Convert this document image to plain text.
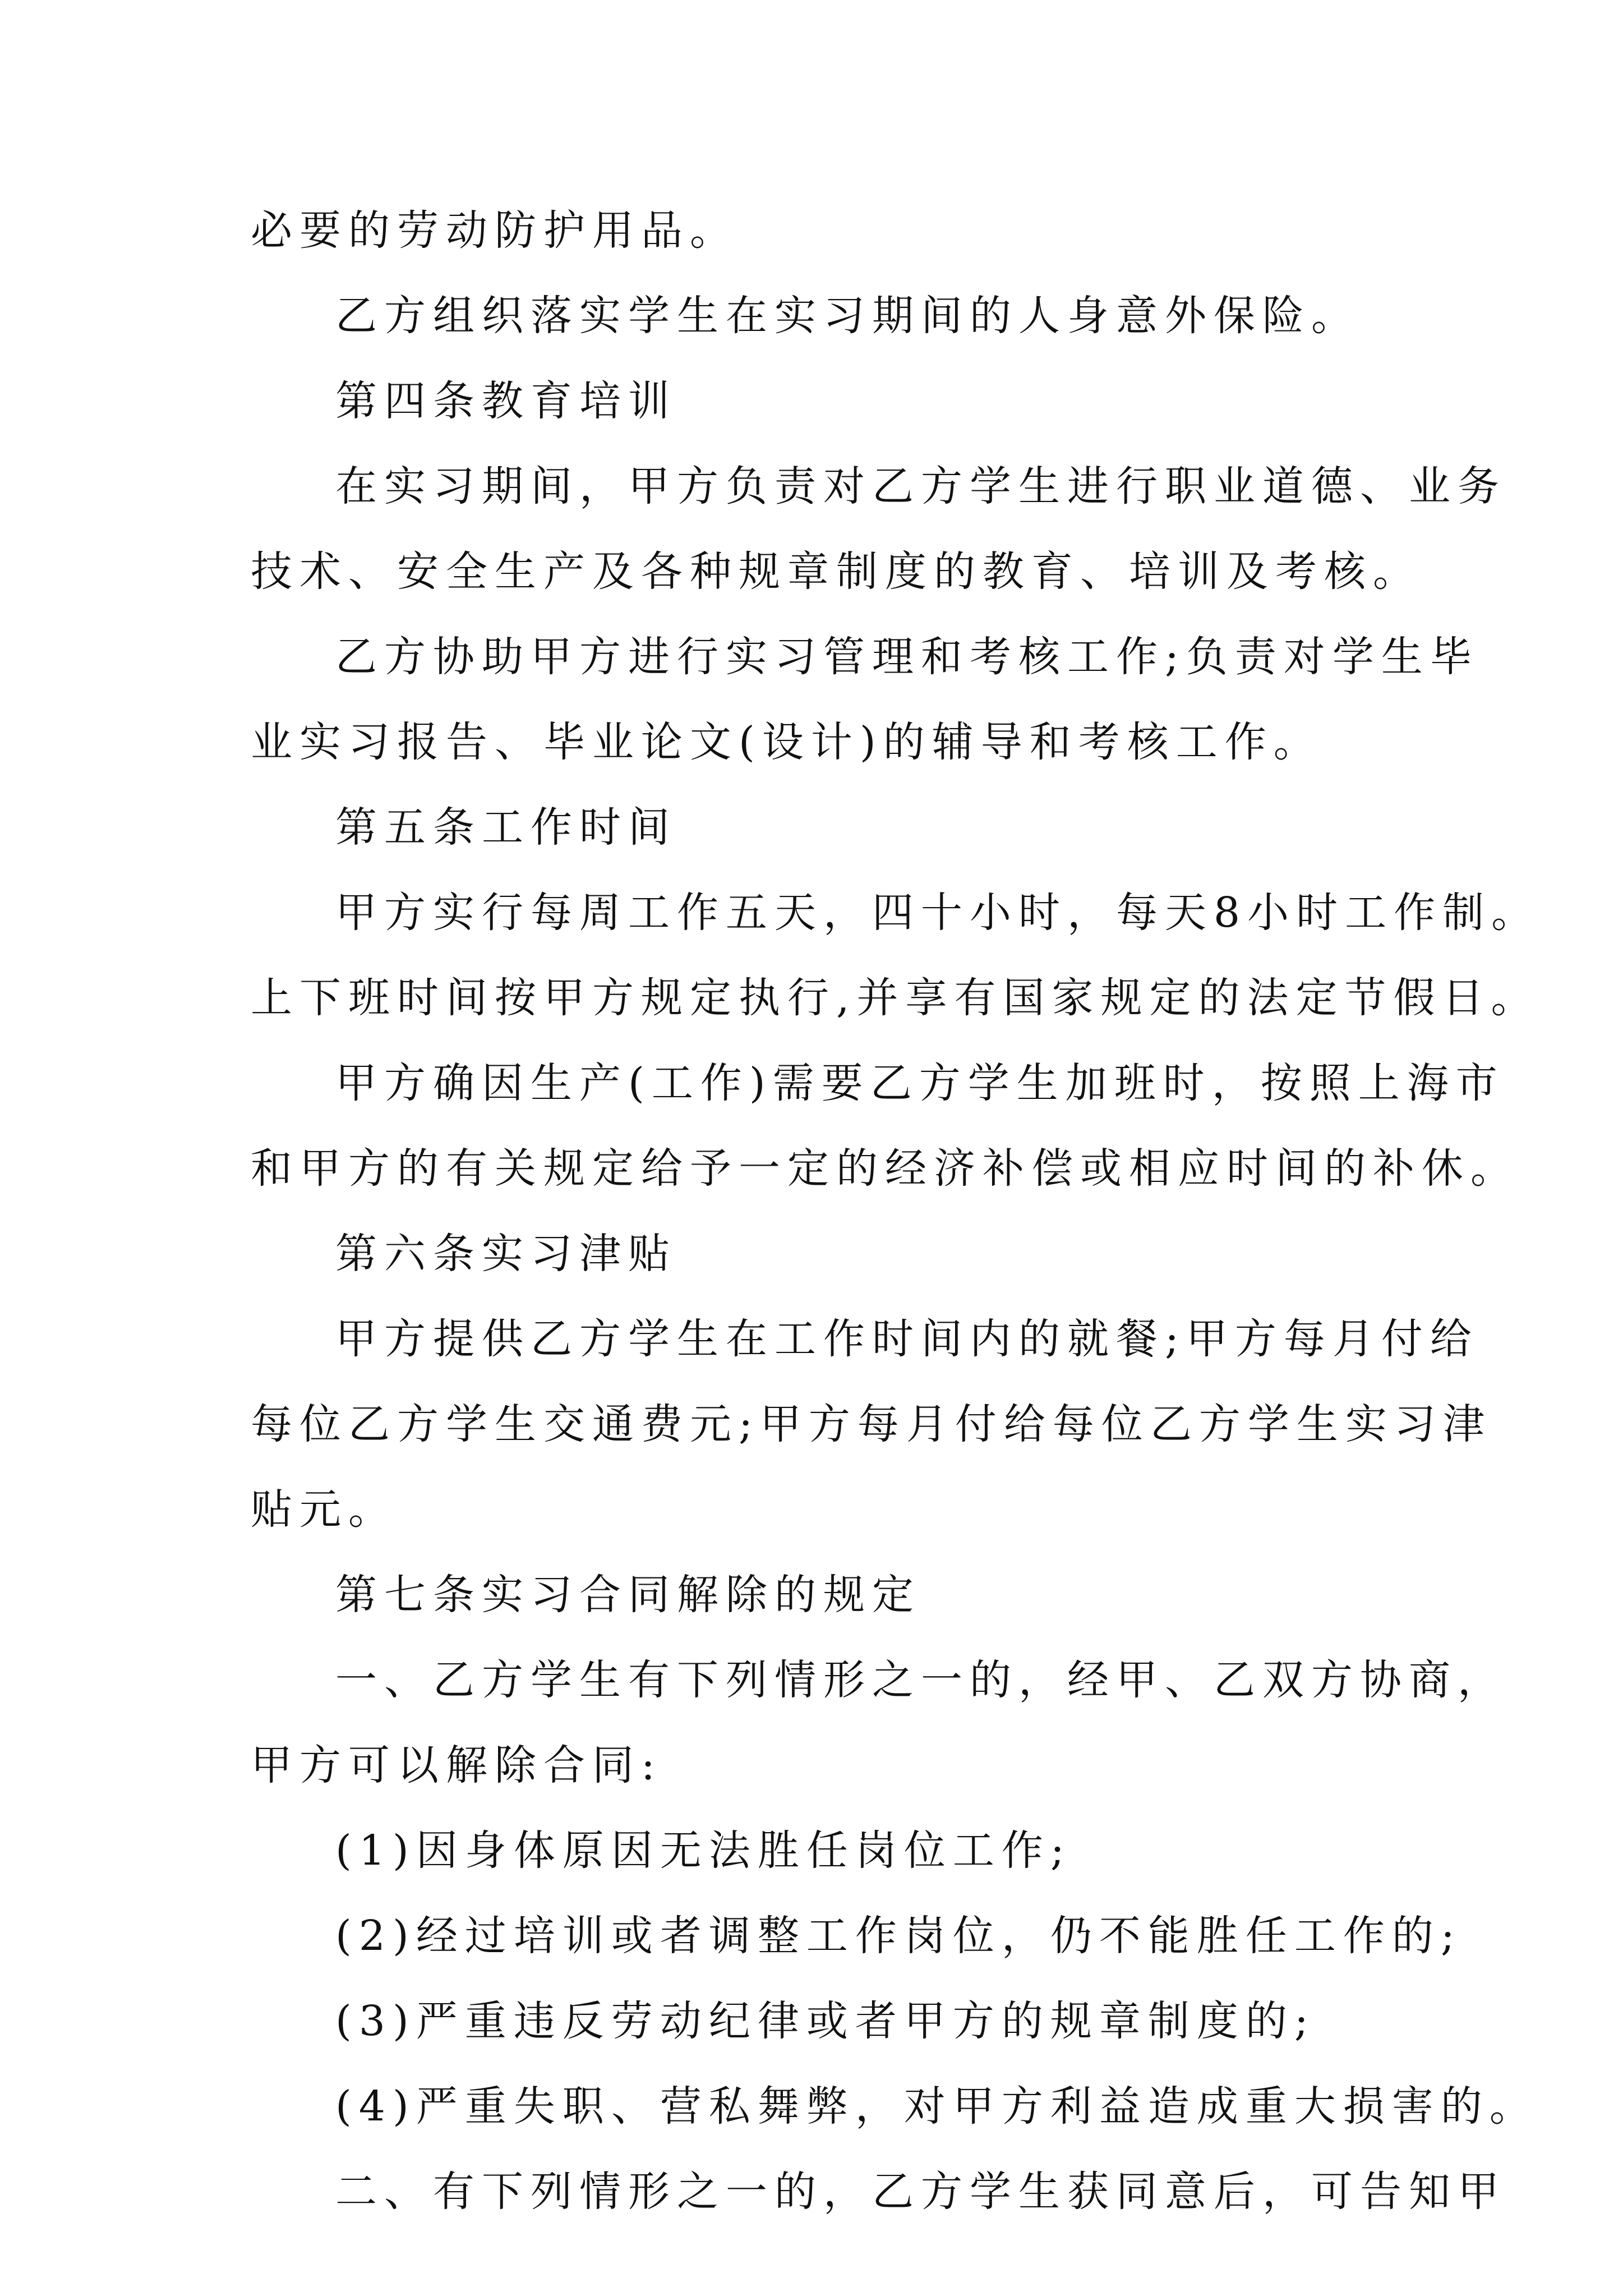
必要的劳动防护用品。
乙方组织落实学生在实习期间的人身意外保险。
第四条教育培训
在实习期间，甲方负责对乙方学生进行职业道德、业务
技术、安全生产及各种规章制度的教育、培训及考核。
乙方协助甲方进行实习管理和考核工作;负责对学生毕
业实习报告、毕业论文(设计)的辅导和考核工作。
第五条工作时间
甲方实行每周工作五天，四十小时，每天8小时工作制。
上下班时间按甲方规定执行,并享有国家规定的法定节假日。
甲方确因生产(工作)需要乙方学生加班时，按照上海市
和甲方的有关规定给予一定的经济补偿或相应时间的补休。
第六条实习津贴
甲方提供乙方学生在工作时间内的就餐;甲方每月付给
每位乙方学生交通费元;甲方每月付给每位乙方学生实习津
贴元。
第七条实习合同解除的规定
一、乙方学生有下列情形之一的，经甲、乙双方协商，
甲方可以解除合同:
(1)因身体原因无法胜任岗位工作;
(2)经过培训或者调整工作岗位，仍不能胜任工作的;
(3)严重违反劳动纪律或者甲方的规章制度的;
(4)严重失职、营私舞弊，对甲方利益造成重大损害的。
二、有下列情形之一的，乙方学生获同意后，可告知甲
